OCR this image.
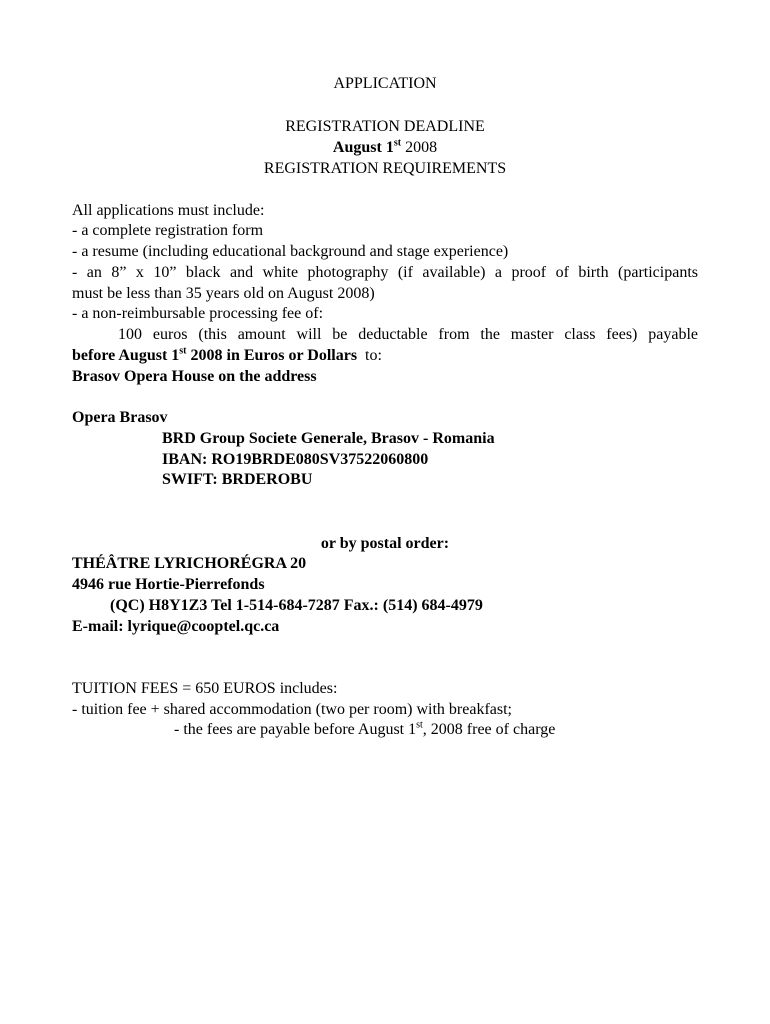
APPLICATION
REGISTRATION DEADLINE
August 1st 2008
REGISTRATION REQUIREMENTS
All applications must include:
- a complete registration form
- a resume (including educational background and stage experience)
- an 8” x 10” black and white photography (if available) a proof of birth (participants
must be less than 35 years old on August 2008)
- a non-reimbursable processing fee of:
100 euros (this amount will be deductable from the master class fees) payable
before August 1st 2008 in Euros or Dollars  to:
Brasov Opera House on the address
Opera Brasov
BRD Group Societe Generale, Brasov - Romania
IBAN: RO19BRDE080SV37522060800
SWIFT: BRDEROBU
or by postal order:
THÉÂTRE LYRICHORÉGRA 20
4946 rue Hortie-Pierrefonds
(QC) H8Y1Z3 Tel 1-514-684-7287 Fax.: (514) 684-4979
E-mail: lyrique@cooptel.qc.ca
TUITION FEES = 650 EUROS includes:
- tuition fee + shared accommodation (two per room) with breakfast;
- the fees are payable before August 1st, 2008 free of charge
